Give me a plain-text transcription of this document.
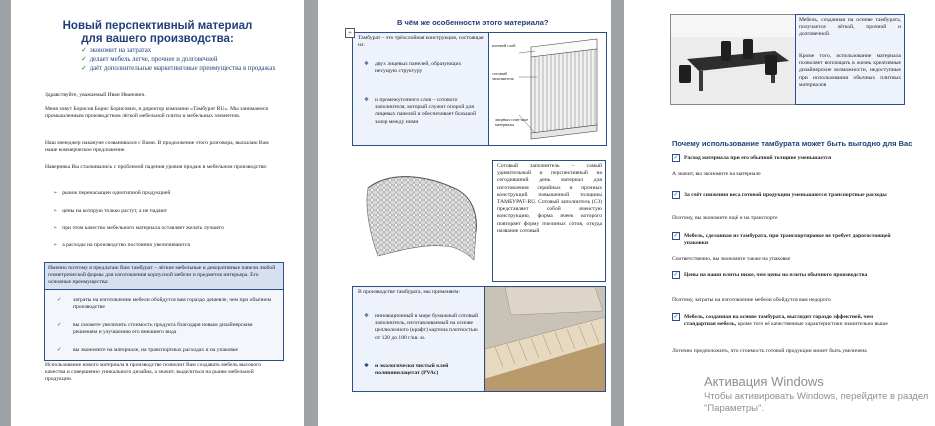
Новый перспективный материал
для вашего производства:
✓ экономит на затратах
✓ делает мебель легче, прочнее и долговечней
✓ даёт дополнительные маркетинговые преимущества в продажах
Здравствуйте, уважаемый Иван Иванович.
Меня зовут Борисов Борис Борисович, я директор компании «Тамбурат RU». Мы занимаемся промышленным производством лёгкой мебельной плиты и мебельных элементов.
Наш менеджер накануне созванивался с Вами. В продолжение этого разговора, высылаю Вам наше коммерческое предложение.
Наверняка Вы сталкивались с проблемой падения уровня продаж в мебельном производстве:
➢ рынок перенасыщен однотипной продукцией
➢ цены на которую только растут, а не падают
➢ при этом качество мебельного материала оставляет желать лучшего
➢ а расходы на производство постоянно увеличиваются
Именно поэтому я предлагаю Вам тамбурат – лёгкие мебельные и декоративные панели любой геометрической формы для изготовления корпусной мебели и предметов интерьера. Его основные преимущества:
✓ затраты на изготовление мебели обойдутся вам гораздо дешевле, чем при обычном производстве
✓ вы сможете увеличить стоимость продукта благодаря новым дизайнерским решениям и улучшению его внешнего вида
✓ вы экономите на материале, на транспортных расходах и на упаковке
Использование нового материала в производстве позволит Вам создавать мебель высокого качества и совершенно уникального дизайна, а значит, выделиться на рынке мебельной продукции.
В чём же особенности этого материала?
Тамбурат – это трёхслойная конструкция, состоящая из:
❖ двух лицевых панелей, образующих несущую структуру
❖ и промежуточного слоя – сотового заполнителя, который служит опорой для лицевых панелей и обеспечивает большой зазор между ними
клеевой слой
сотовый заполнитель
лицевых плит-ные материалы
Сотовый заполнитель – самый удивительный и перспективный на сегодняшний день материал для изготовления серийных и прочных конструкций повышенной толщины ТАМБУРАТ-RU. Сотовый заполнитель (СЗ) представляет собой ячеистую конструкцию, форма ячеек которого повторяет форму пчелиных сотов, откуда название сотовый
В производстве тамбурата, мы применяем:
❖ инновационный в мире бумажный сотовый заполнитель, изготавливаемый на основе целлюлозного (крафт) картона плотностью от 120 до 180 г/кв. м.
❖ и экологически чистый клей поливинилацетат (PVAc)
+
Мебель, созданная на основе тамбурата, получается лёгкой, прочной и долговечной.
Кроме того, использование материала позволяет воплощать в жизнь креативные дизайнерские возможности, недоступные при использовании обычных плитных материалов
Почему использование тамбурата может быть выгодно для Вас
✓ Расход материала при его обычной толщине уменьшается
А значит, вы экономите на материале
✓ За счёт снижения веса готовой продукции уменьшаются транспортные расходы
Поэтому, вы экономите ещё и на транспорте
✓ Мебель, сделанная из тамбурата, при транспортировке не требует дорогостоящей упаковки
Соответственно, вы экономите также на упаковке
✓ Цены на наши плиты ниже, чем цены на плиты обычного производства
Поэтому, затраты на изготовление мебели обойдутся вам недорого
✓ Мебель, созданная на основе тамбурата, выглядит гораздо эффектней, чем стандартная мебель, кроме того её качественные характеристики значительно выше
Логично предположить, что стоимость готовой продукции может быть увеличена
Активация Windows
Чтобы активировать Windows, перейдите в раздел "Параметры".
